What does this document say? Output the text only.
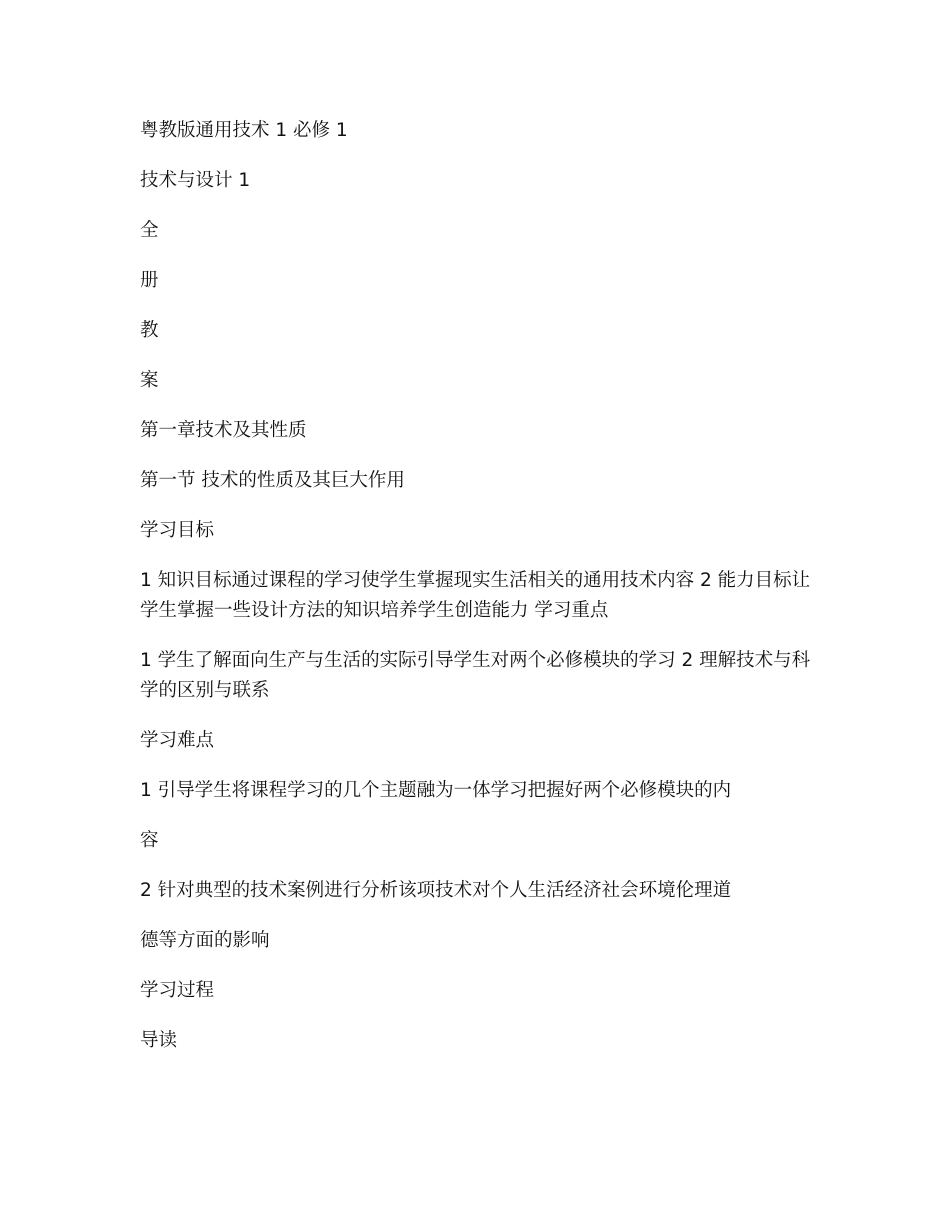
粤教版通用技术 1 必修 1

技术与设计 1

全

册

教

案

第一章技术及其性质

第一节 技术的性质及其巨大作用

学习目标

1 知识目标通过课程的学习使学生掌握现实生活相关的通用技术内容 2 能力目标让学生掌握一些设计方法的知识培养学生创造能力 学习重点

1 学生了解面向生产与生活的实际引导学生对两个必修模块的学习 2 理解技术与科学的区别与联系

学习难点

1 引导学生将课程学习的几个主题融为一体学习把握好两个必修模块的内

容

2 针对典型的技术案例进行分析该项技术对个人生活经济社会环境伦理道

德等方面的影响

学习过程

导读
